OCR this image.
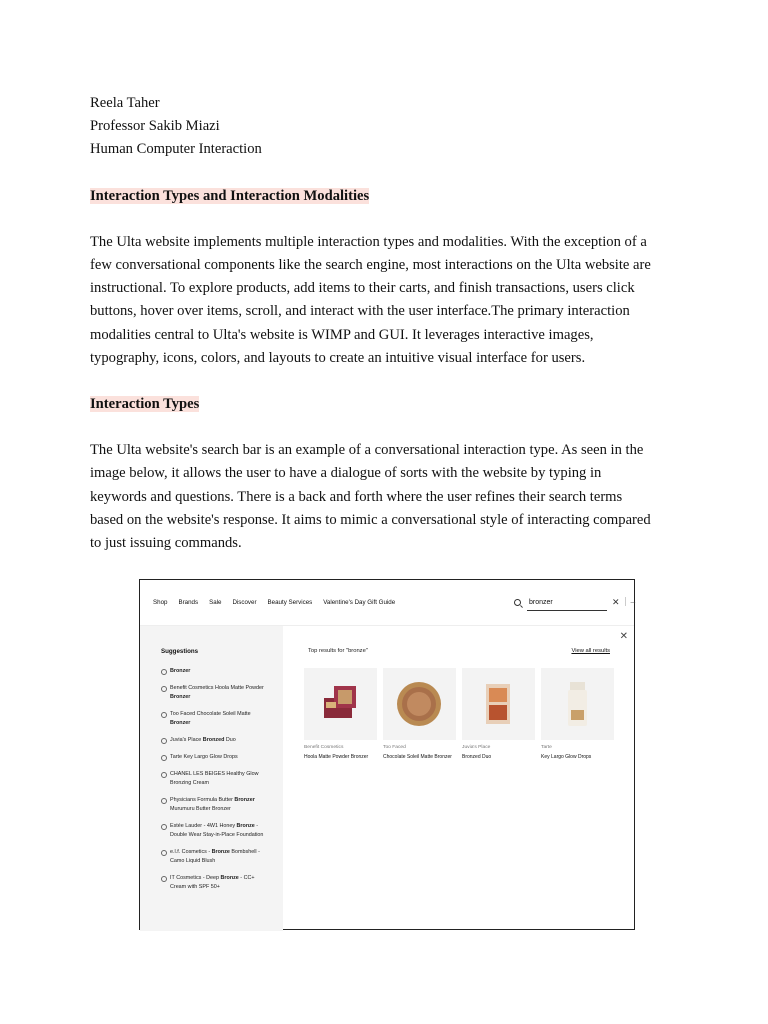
Reela Taher

Professor Sakib Miazi

Human Computer Interaction

Interaction Types and Interaction Modalities

The Ulta website implements multiple interaction types and modalities. With the exception of a

few conversational components like the search engine, most interactions on the Ulta website are

instructional. To explore products, add items to their carts, and finish transactions, users click

buttons, hover over items, scroll, and interact with the user interface.The primary interaction

modalities central to Ulta's website is WIMP and GUI. It leverages interactive images,

typography, icons, colors, and layouts to create an intuitive visual interface for users.

Interaction Types

The Ulta website's search bar is an example of a conversational interaction type. As seen in the

image below, it allows the user to have a dialogue of sorts with the website by typing in

keywords and questions. There is a back and forth where the user refines their search terms

based on the website's response. It aims to mimic a conversational style of interacting compared

to just issuing commands.

Shop Brands Sale Discover Beauty Services Valentine's Day Gift Guide	bronzer	✕	→
Suggestions
Bronzer
Benefit Cosmetics Hoola Matte Powder Bronzer
Too Faced Chocolate Soleil Matte Bronzer
Juvia's Place Bronzed Duo
Tarte Key Largo Glow Drops
CHANEL LES BEIGES Healthy Glow Bronzing Cream
Physicians Formula Butter Bronzer Murumuru Butter Bronzer
Estée Lauder - 4W1 Honey Bronze - Double Wear Stay-in-Place Foundation
e.l.f. Cosmetics - Bronze Bombshell - Camo Liquid Blush
IT Cosmetics - Deep Bronze - CC+ Cream with SPF 50+
✕
Top results for "bronze"	View all results
Benefit Cosmetics
Hoola Matte Powder Bronzer
Too Faced
Chocolate Soleil Matte Bronzer
Juvia's Place
Bronzed Duo
Tarte
Key Largo Glow Drops
